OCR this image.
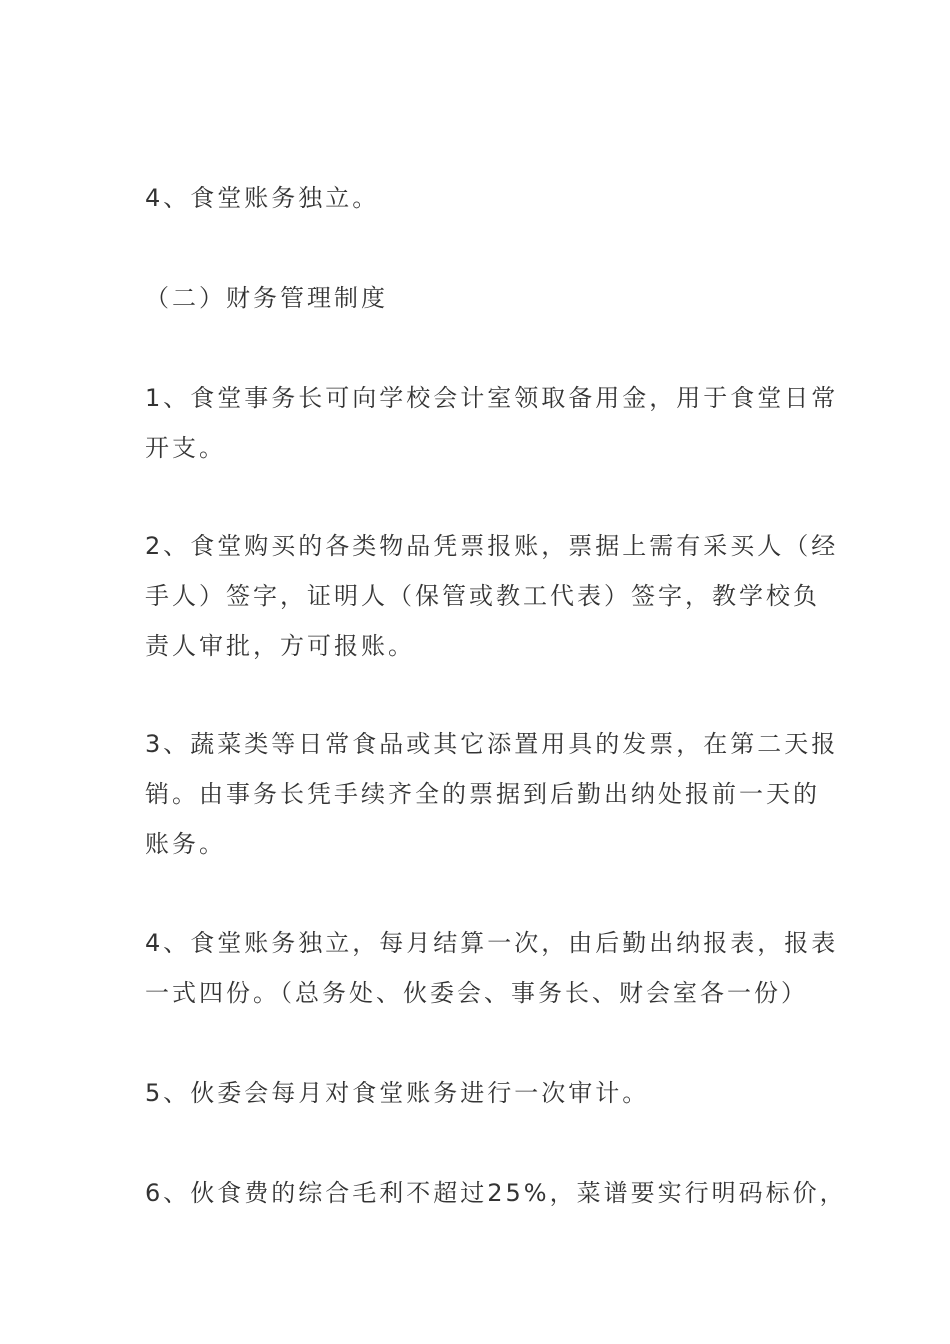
4、食堂账务独立。
（二）财务管理制度
1、食堂事务长可向学校会计室领取备用金，用于食堂日常
开支。
2、食堂购买的各类物品凭票报账，票据上需有采买人（经
手人）签字，证明人（保管或教工代表）签字，教学校负
责人审批，方可报账。
3、蔬菜类等日常食品或其它添置用具的发票，在第二天报
销。由事务长凭手续齐全的票据到后勤出纳处报前一天的
账务。
4、食堂账务独立，每月结算一次，由后勤出纳报表，报表
一式四份。（总务处、伙委会、事务长、财会室各一份）
5、伙委会每月对食堂账务进行一次审计。
6、伙食费的综合毛利不超过25%，菜谱要实行明码标价，
